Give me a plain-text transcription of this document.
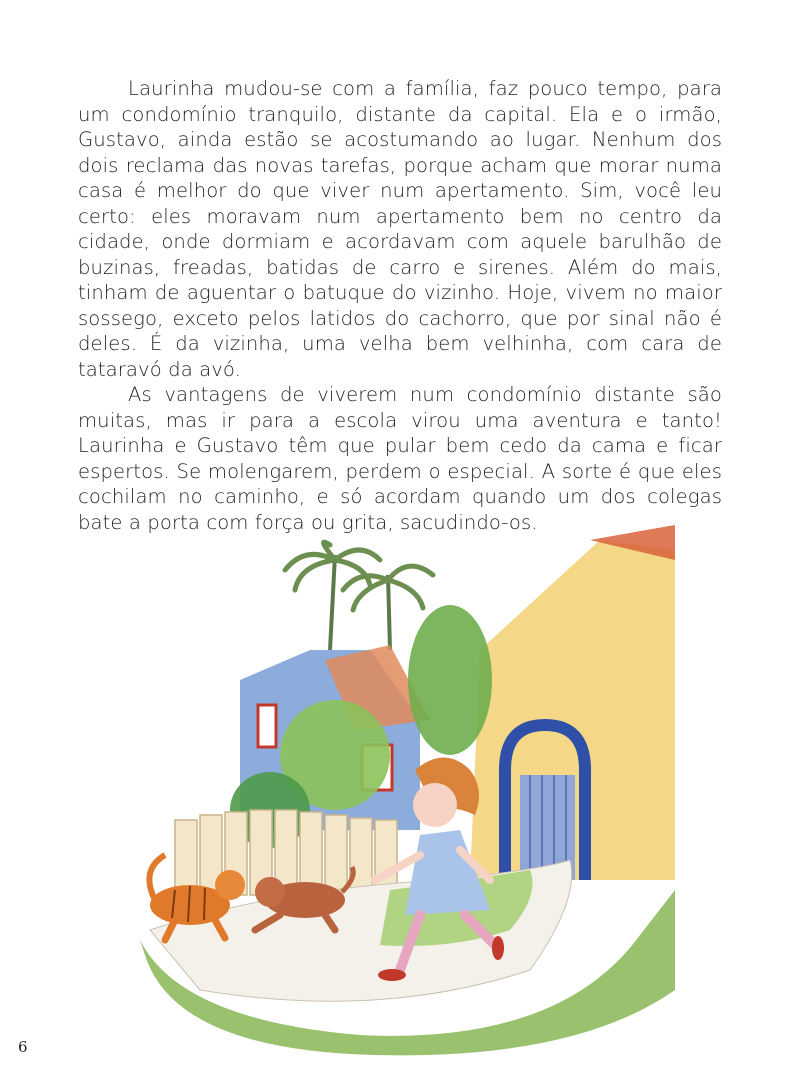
Laurinha mudou-se com a família, faz pouco tempo, para um condomínio tranquilo, distante da capital. Ela e o irmão, Gustavo, ainda estão se acostumando ao lugar. Nenhum dos dois reclama das novas tarefas, porque acham que morar numa casa é melhor do que viver num apertamento. Sim, você leu certo: eles moravam num apertamento bem no centro da cidade, onde dormiam e acordavam com aquele barulhão de buzinas, freadas, batidas de carro e sirenes. Além do mais, tinham de aguentar o batuque do vizinho. Hoje, vivem no maior sossego, exceto pelos latidos do cachorro, que por sinal não é deles. É da vizinha, uma velha bem velhinha, com cara de tataravó da avó.

As vantagens de viverem num condomínio distante são muitas, mas ir para a escola virou uma aventura e tanto! Laurinha e Gustavo têm que pular bem cedo da cama e ficar espertos. Se molengarem, perdem o especial. A sorte é que eles cochilam no caminho, e só acordam quando um dos colegas bate a porta com força ou grita, sacudindo-os.

6
